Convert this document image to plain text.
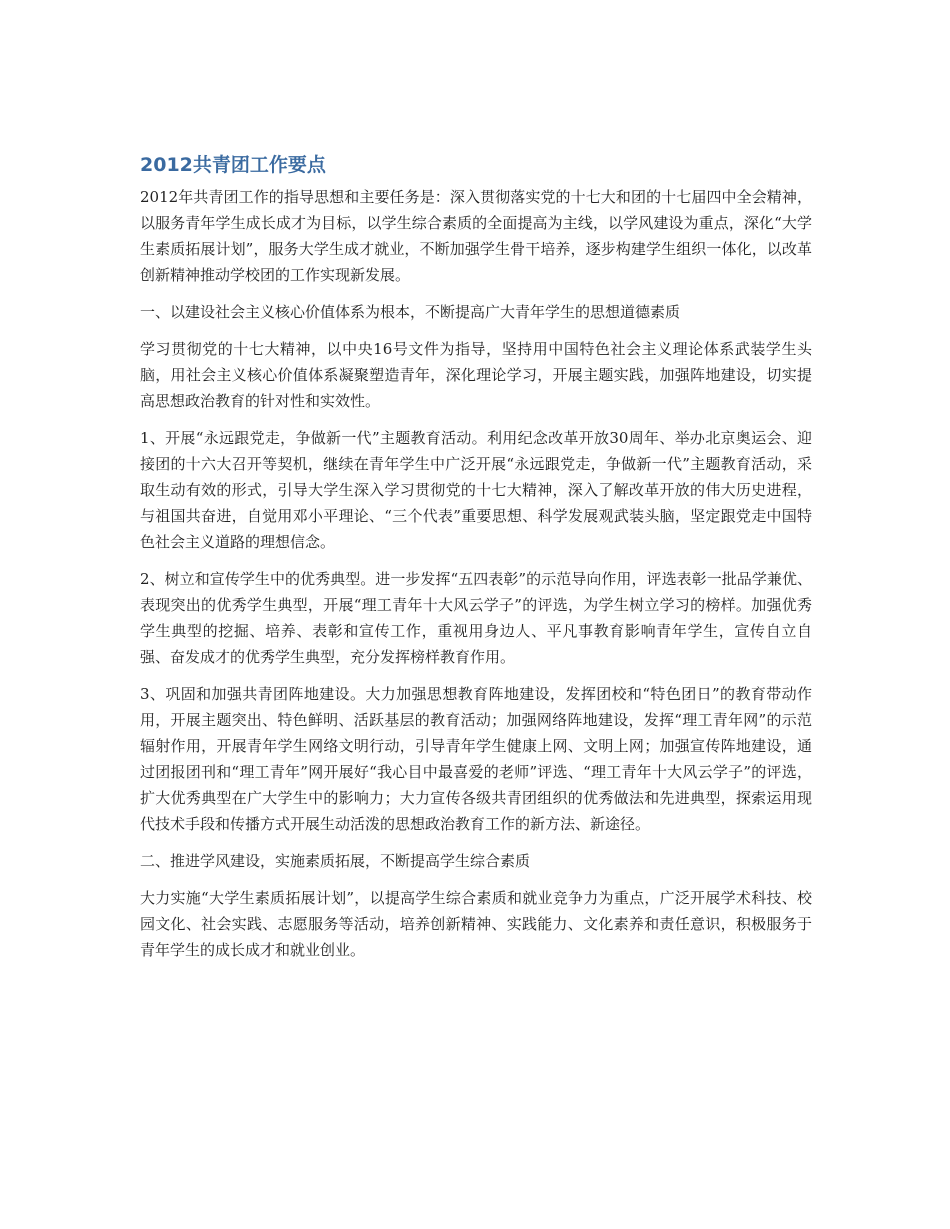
2012共青团工作要点

2012年共青团工作的指导思想和主要任务是：深入贯彻落实党的十七大和团的十七届四中全会精神，以服务青年学生成长成才为目标，以学生综合素质的全面提高为主线，以学风建设为重点，深化“大学生素质拓展计划”，服务大学生成才就业，不断加强学生骨干培养，逐步构建学生组织一体化，以改革创新精神推动学校团的工作实现新发展。

一、以建设社会主义核心价值体系为根本，不断提高广大青年学生的思想道德素质

学习贯彻党的十七大精神，以中央16号文件为指导，坚持用中国特色社会主义理论体系武装学生头脑，用社会主义核心价值体系凝聚塑造青年，深化理论学习，开展主题实践，加强阵地建设，切实提高思想政治教育的针对性和实效性。

1、开展“永远跟党走，争做新一代”主题教育活动。利用纪念改革开放30周年、举办北京奥运会、迎接团的十六大召开等契机，继续在青年学生中广泛开展“永远跟党走，争做新一代”主题教育活动，采取生动有效的形式，引导大学生深入学习贯彻党的十七大精神，深入了解改革开放的伟大历史进程，与祖国共奋进，自觉用邓小平理论、“三个代表”重要思想、科学发展观武装头脑，坚定跟党走中国特色社会主义道路的理想信念。

2、树立和宣传学生中的优秀典型。进一步发挥“五四表彰”的示范导向作用，评选表彰一批品学兼优、表现突出的优秀学生典型，开展“理工青年十大风云学子”的评选，为学生树立学习的榜样。加强优秀学生典型的挖掘、培养、表彰和宣传工作，重视用身边人、平凡事教育影响青年学生，宣传自立自强、奋发成才的优秀学生典型，充分发挥榜样教育作用。

3、巩固和加强共青团阵地建设。大力加强思想教育阵地建设，发挥团校和“特色团日”的教育带动作用，开展主题突出、特色鲜明、活跃基层的教育活动；加强网络阵地建设，发挥“理工青年网”的示范辐射作用，开展青年学生网络文明行动，引导青年学生健康上网、文明上网；加强宣传阵地建设，通过团报团刊和“理工青年”网开展好“我心目中最喜爱的老师”评选、“理工青年十大风云学子”的评选，扩大优秀典型在广大学生中的影响力；大力宣传各级共青团组织的优秀做法和先进典型，探索运用现代技术手段和传播方式开展生动活泼的思想政治教育工作的新方法、新途径。

二、推进学风建设，实施素质拓展，不断提高学生综合素质

大力实施“大学生素质拓展计划”，以提高学生综合素质和就业竞争力为重点，广泛开展学术科技、校园文化、社会实践、志愿服务等活动，培养创新精神、实践能力、文化素养和责任意识，积极服务于青年学生的成长成才和就业创业。
